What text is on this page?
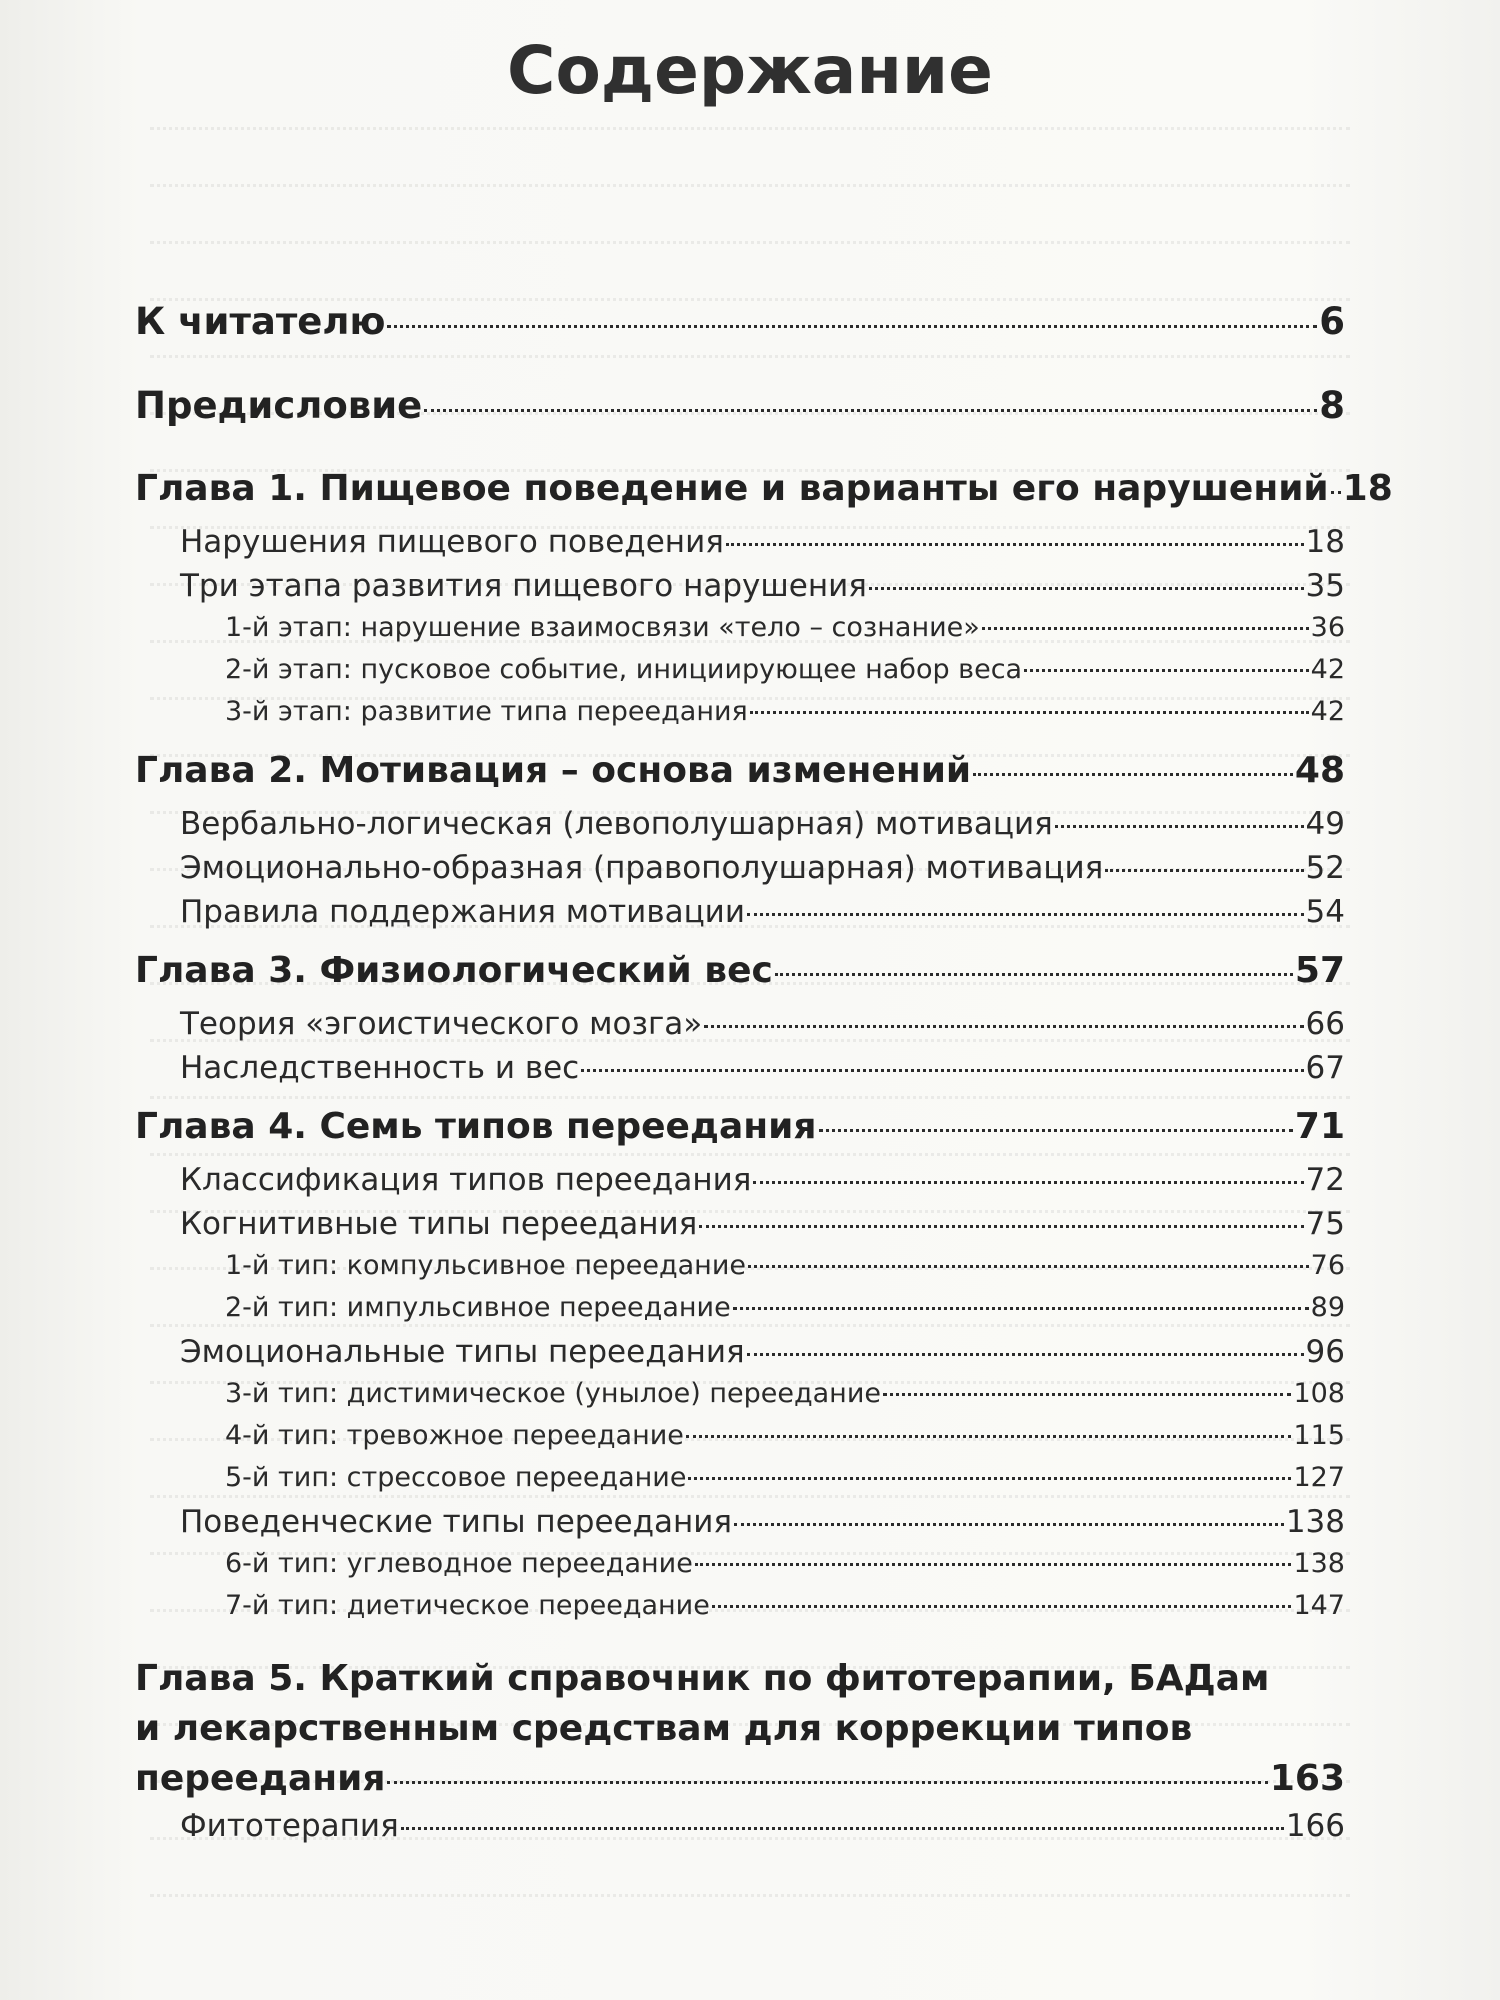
Содержание
К читателю	6
Предисловие	8
Глава 1. Пищевое поведение и варианты его нарушений 18
Нарушения пищевого поведения	18
Три этапа развития пищевого нарушения	35
1-й этап: нарушение взаимосвязи «тело – сознание»	36
2-й этап: пусковое событие, инициирующее набор веса	42
3-й этап: развитие типа переедания	42
Глава 2. Мотивация – основа изменений	48
Вербально-логическая (левополушарная) мотивация	49
Эмоционально-образная (правополушарная) мотивация	52
Правила поддержания мотивации	54
Глава 3. Физиологический вес	57
Теория «эгоистического мозга»	66
Наследственность и вес	67
Глава 4. Семь типов переедания	71
Классификация типов переедания	72
Когнитивные типы переедания	75
1-й тип: компульсивное переедание	76
2-й тип: импульсивное переедание	89
Эмоциональные типы переедания	96
3-й тип: дистимическое (унылое) переедание	108
4-й тип: тревожное переедание	115
5-й тип: стрессовое переедание	127
Поведенческие типы переедания	138
6-й тип: углеводное переедание	138
7-й тип: диетическое переедание	147
Глава 5. Краткий справочник по фитотерапии, БАДам
и лекарственным средствам для коррекции типов
переедания	163
Фитотерапия	166
